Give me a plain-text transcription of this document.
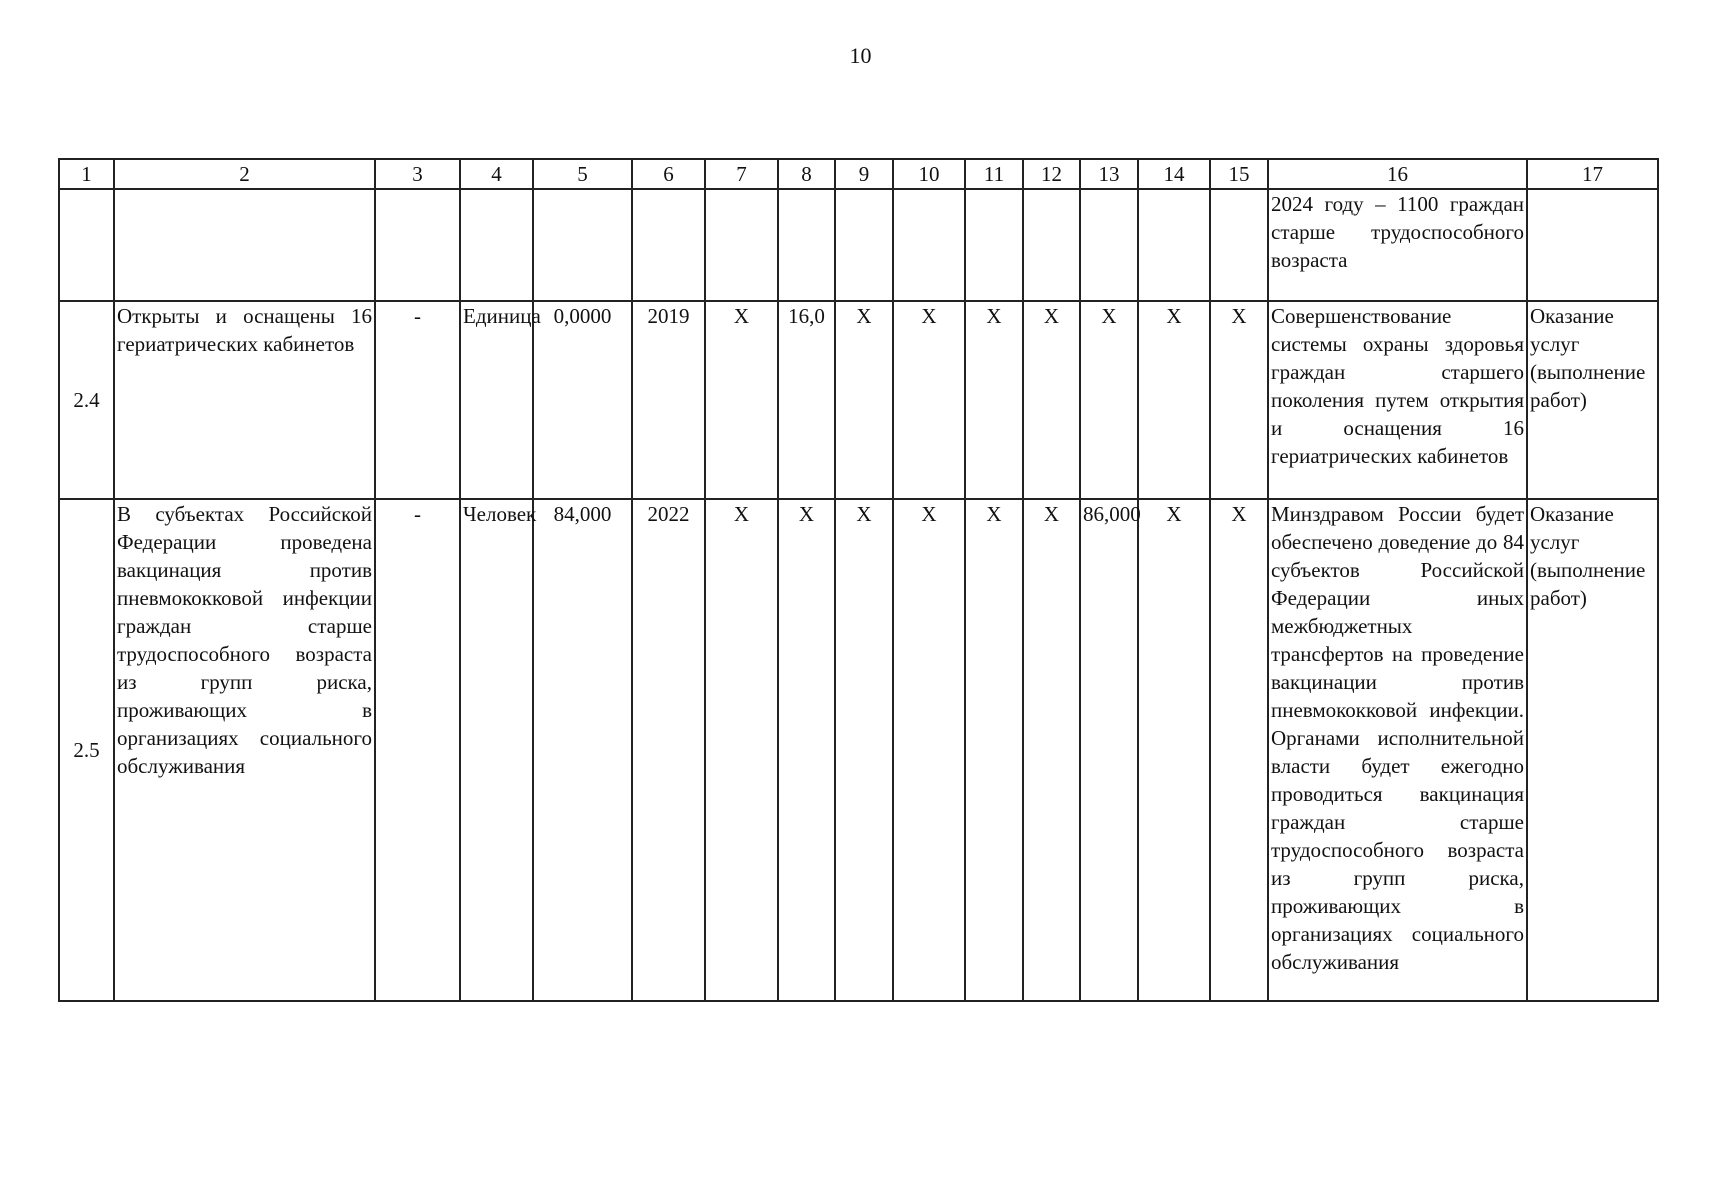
10
1	2	3	4	5	6	7	8	9	10	11	12	13	14	15	16	17
															2024 году – 1100 граждан старше трудоспособного возраста	
2.4	Открыты и оснащены 16 гериатрических кабинетов	-	Единица	0,0000	2019	X	16,0	X	X	X	X	X	X	X	Совершенствование системы охраны здоровья граждан старшего поколения путем открытия и оснащения 16 гериатрических кабинетов	Оказание услуг (выполнение работ)
2.5	В субъектах Российской Федерации проведена вакцинация против пневмококковой инфекции граждан старше трудоспособного возраста из групп риска, проживающих в организациях социального обслуживания	-	Человек	84,000	2022	X	X	X	X	X	X	86,000	X	X	Минздравом России будет обеспечено доведение до 84 субъектов Российской Федерации иных межбюджетных трансфертов на проведение вакцинации против пневмококковой инфекции. Органами исполнительной власти будет ежегодно проводиться вакцинация граждан старше трудоспособного возраста из групп риска, проживающих в организациях социального обслуживания	Оказание услуг (выполнение работ)
